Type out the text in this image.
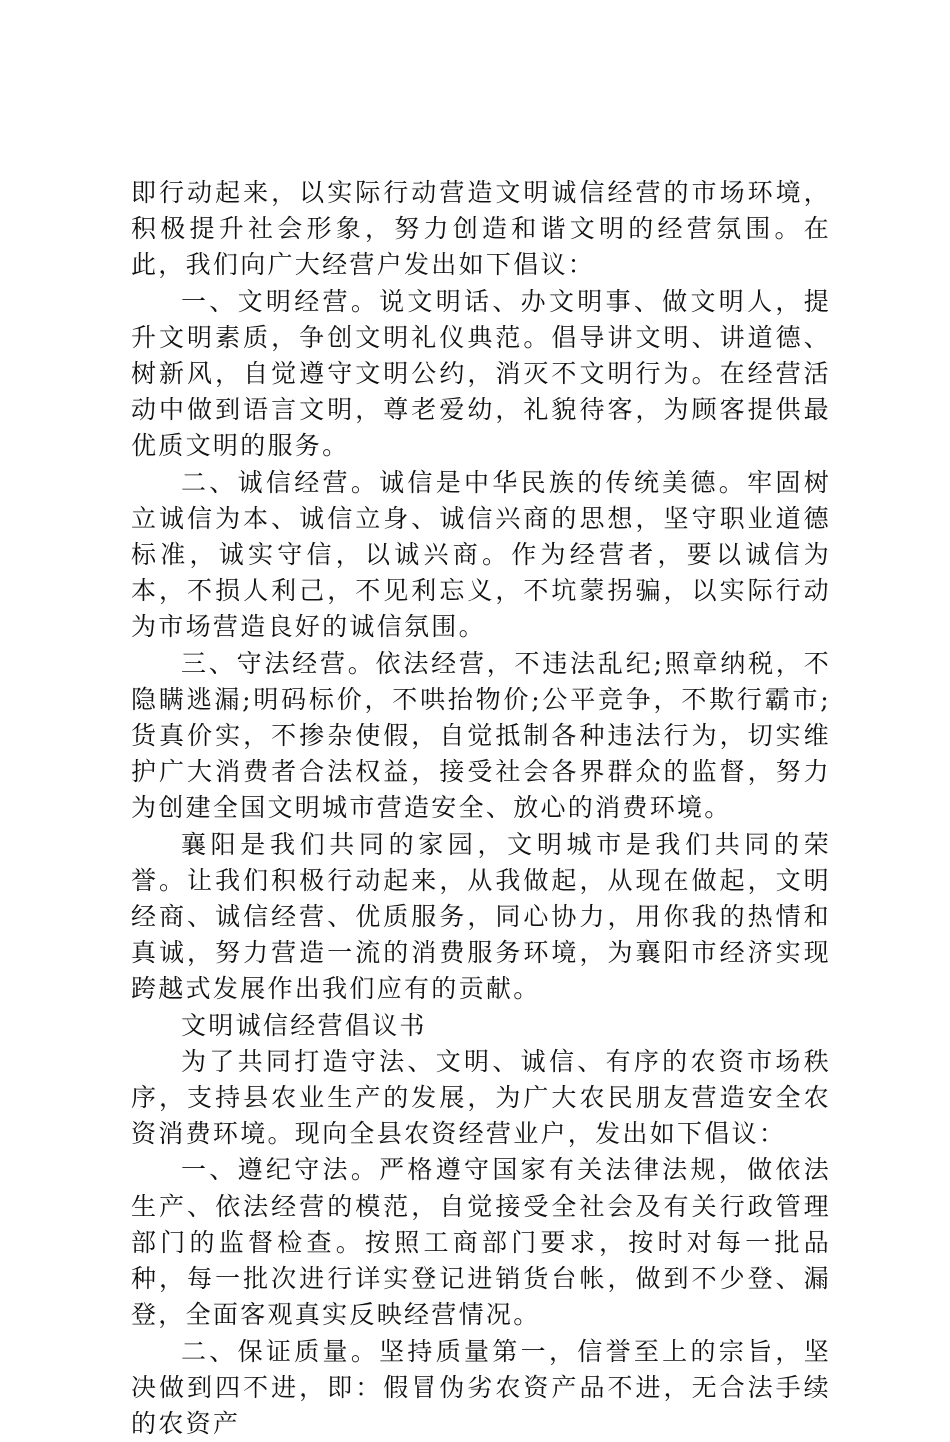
即行动起来，以实际行动营造文明诚信经营的市场环境，积极提升社会形象，努力创造和谐文明的经营氛围。在此，我们向广大经营户发出如下倡议：

一、文明经营。说文明话、办文明事、做文明人，提升文明素质，争创文明礼仪典范。倡导讲文明、讲道德、树新风，自觉遵守文明公约，消灭不文明行为。在经营活动中做到语言文明，尊老爱幼，礼貌待客，为顾客提供最优质文明的服务。

二、诚信经营。诚信是中华民族的传统美德。牢固树立诚信为本、诚信立身、诚信兴商的思想，坚守职业道德标准，诚实守信，以诚兴商。作为经营者，要以诚信为本，不损人利己，不见利忘义，不坑蒙拐骗，以实际行动为市场营造良好的诚信氛围。

三、守法经营。依法经营，不违法乱纪;照章纳税，不隐瞒逃漏;明码标价，不哄抬物价;公平竞争，不欺行霸市;货真价实，不掺杂使假，自觉抵制各种违法行为，切实维护广大消费者合法权益，接受社会各界群众的监督，努力为创建全国文明城市营造安全、放心的消费环境。

襄阳是我们共同的家园，文明城市是我们共同的荣誉。让我们积极行动起来，从我做起，从现在做起，文明经商、诚信经营、优质服务，同心协力，用你我的热情和真诚，努力营造一流的消费服务环境，为襄阳市经济实现跨越式发展作出我们应有的贡献。

文明诚信经营倡议书

为了共同打造守法、文明、诚信、有序的农资市场秩序，支持县农业生产的发展，为广大农民朋友营造安全农资消费环境。现向全县农资经营业户，发出如下倡议：

一、遵纪守法。严格遵守国家有关法律法规，做依法生产、依法经营的模范，自觉接受全社会及有关行政管理部门的监督检查。按照工商部门要求，按时对每一批品种，每一批次进行详实登记进销货台帐，做到不少登、漏登，全面客观真实反映经营情况。

二、保证质量。坚持质量第一，信誉至上的宗旨，坚决做到四不进，即：假冒伪劣农资产品不进，无合法手续的农资产
